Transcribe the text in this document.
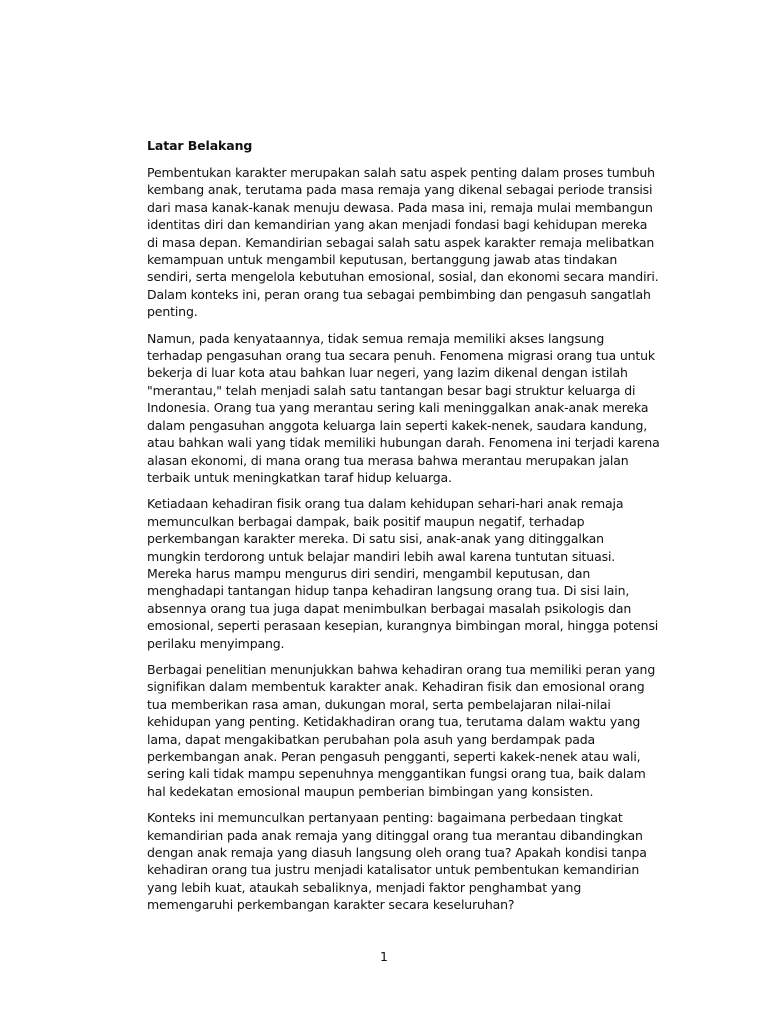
Latar Belakang

Pembentukan karakter merupakan salah satu aspek penting dalam proses tumbuh kembang anak, terutama pada masa remaja yang dikenal sebagai periode transisi dari masa kanak-kanak menuju dewasa. Pada masa ini, remaja mulai membangun identitas diri dan kemandirian yang akan menjadi fondasi bagi kehidupan mereka di masa depan. Kemandirian sebagai salah satu aspek karakter remaja melibatkan kemampuan untuk mengambil keputusan, bertanggung jawab atas tindakan sendiri, serta mengelola kebutuhan emosional, sosial, dan ekonomi secara mandiri. Dalam konteks ini, peran orang tua sebagai pembimbing dan pengasuh sangatlah penting.

Namun, pada kenyataannya, tidak semua remaja memiliki akses langsung terhadap pengasuhan orang tua secara penuh. Fenomena migrasi orang tua untuk bekerja di luar kota atau bahkan luar negeri, yang lazim dikenal dengan istilah "merantau," telah menjadi salah satu tantangan besar bagi struktur keluarga di Indonesia. Orang tua yang merantau sering kali meninggalkan anak-anak mereka dalam pengasuhan anggota keluarga lain seperti kakek-nenek, saudara kandung, atau bahkan wali yang tidak memiliki hubungan darah. Fenomena ini terjadi karena alasan ekonomi, di mana orang tua merasa bahwa merantau merupakan jalan terbaik untuk meningkatkan taraf hidup keluarga.

Ketiadaan kehadiran fisik orang tua dalam kehidupan sehari-hari anak remaja memunculkan berbagai dampak, baik positif maupun negatif, terhadap perkembangan karakter mereka. Di satu sisi, anak-anak yang ditinggalkan mungkin terdorong untuk belajar mandiri lebih awal karena tuntutan situasi. Mereka harus mampu mengurus diri sendiri, mengambil keputusan, dan menghadapi tantangan hidup tanpa kehadiran langsung orang tua. Di sisi lain, absennya orang tua juga dapat menimbulkan berbagai masalah psikologis dan emosional, seperti perasaan kesepian, kurangnya bimbingan moral, hingga potensi perilaku menyimpang.

Berbagai penelitian menunjukkan bahwa kehadiran orang tua memiliki peran yang signifikan dalam membentuk karakter anak. Kehadiran fisik dan emosional orang tua memberikan rasa aman, dukungan moral, serta pembelajaran nilai-nilai kehidupan yang penting. Ketidakhadiran orang tua, terutama dalam waktu yang lama, dapat mengakibatkan perubahan pola asuh yang berdampak pada perkembangan anak. Peran pengasuh pengganti, seperti kakek-nenek atau wali, sering kali tidak mampu sepenuhnya menggantikan fungsi orang tua, baik dalam hal kedekatan emosional maupun pemberian bimbingan yang konsisten.

Konteks ini memunculkan pertanyaan penting: bagaimana perbedaan tingkat kemandirian pada anak remaja yang ditinggal orang tua merantau dibandingkan dengan anak remaja yang diasuh langsung oleh orang tua? Apakah kondisi tanpa kehadiran orang tua justru menjadi katalisator untuk pembentukan kemandirian yang lebih kuat, ataukah sebaliknya, menjadi faktor penghambat yang memengaruhi perkembangan karakter secara keseluruhan?

1
